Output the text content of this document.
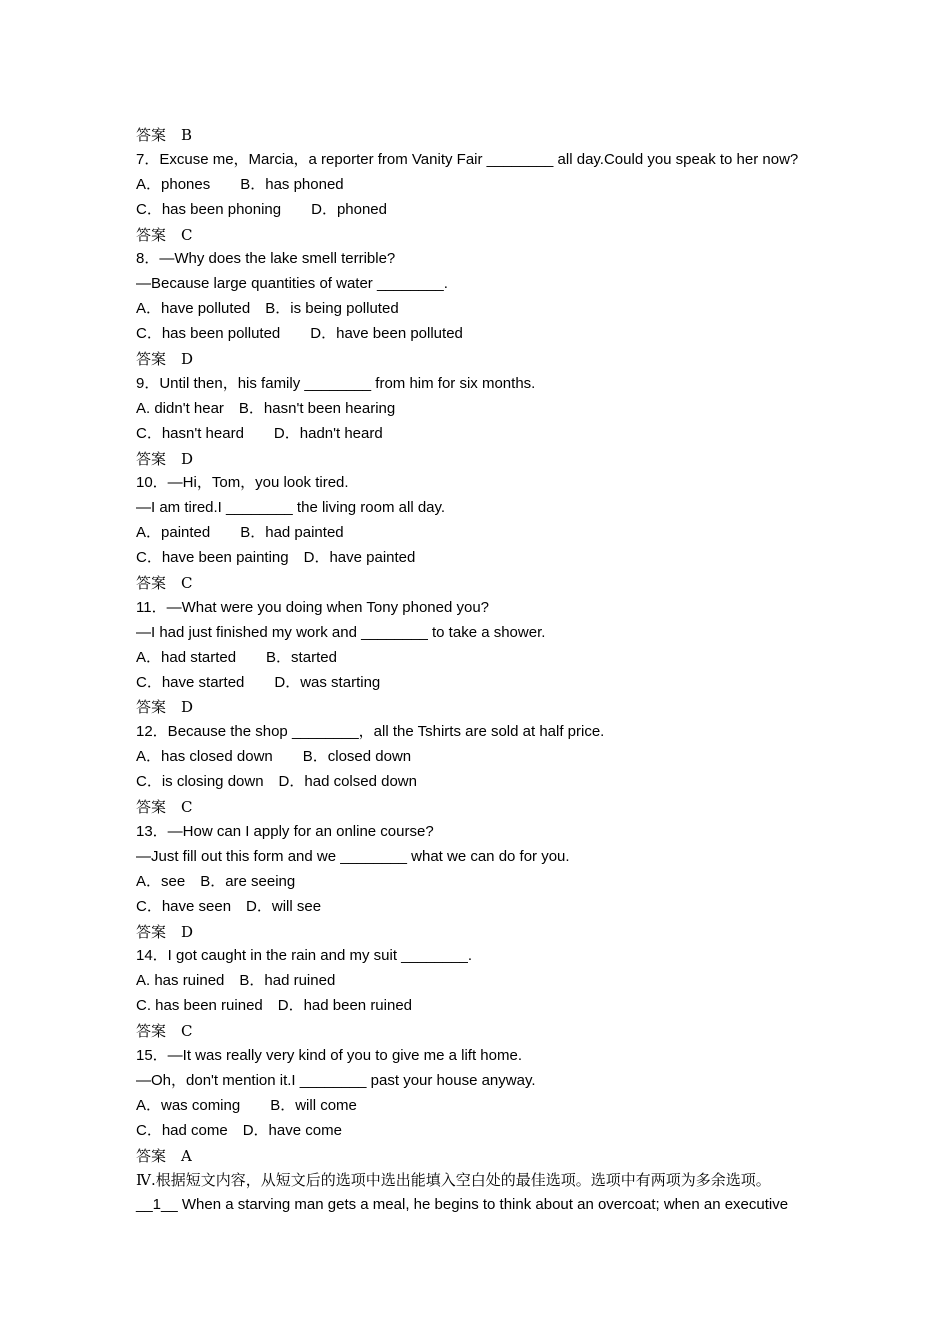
答案　B
7．Excuse me，Marcia，a reporter from Vanity Fair ________ all day.Could you speak to her now?
A．phones　　B．has phoned
C．has been phoning　　D．phoned
答案　C
8．—Why does the lake smell terrible?
—Because large quantities of water ________.
A．have polluted　B．is being polluted
C．has been polluted　　D．have been polluted
答案　D
9．Until then，his family ________ from him for six months.
A. didn't hear　B．hasn't been hearing
C．hasn't heard　　D．hadn't heard
答案　D
10．—Hi，Tom，you look tired.
—I am tired.I ________ the living room all day.
A．painted　　B．had painted
C．have been painting　D．have painted
答案　C
11．—What were you doing when Tony phoned you?
—I had just finished my work and ________ to take a shower.
A．had started　　B．started
C．have started　　D．was starting
答案　D
12．Because the shop ________，all the Tshirts are sold at half price.
A．has closed down　　B．closed down
C．is closing down　D．had colsed down
答案　C
13．—How can I apply for an online course?
—Just fill out this form and we ________ what we can do for you.
A．see　B．are seeing
C．have seen　D．will see
答案　D
14．I got caught in the rain and my suit ________.
A. has ruined　B．had ruined
C. has been ruined　D．had been ruined
答案　C
15．—It was really very kind of you to give me a lift home.
—Oh，don't mention it.I ________ past your house anyway.
A．was coming　　B．will come
C．had come　D．have come
答案　A
Ⅳ.根据短文内容，从短文后的选项中选出能填入空白处的最佳选项。选项中有两项为多余选项。
__1__ When a starving man gets a meal, he begins to think about an overcoat; when an executive
